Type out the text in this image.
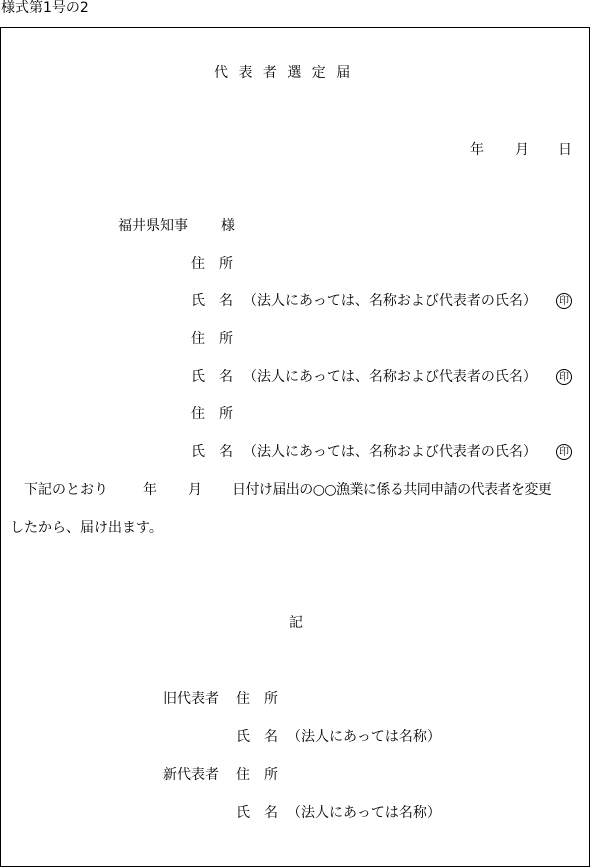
様式第1号の2
代 表 者 選 定 届
年 月 日
福井県知事 様
住　所
氏　名 （法人にあっては、名称および代表者の氏名）	印
住　所
氏　名 （法人にあっては、名称および代表者の氏名）	印
住　所
氏　名 （法人にあっては、名称および代表者の氏名）	印
下記のとおり	年 月 日付け届出の○○漁業に係る共同申請の代表者を変更
したから、届け出ます。
記
旧代表者 住　所
氏　名 （法人にあっては名称）
新代表者 住　所
氏　名 （法人にあっては名称）
